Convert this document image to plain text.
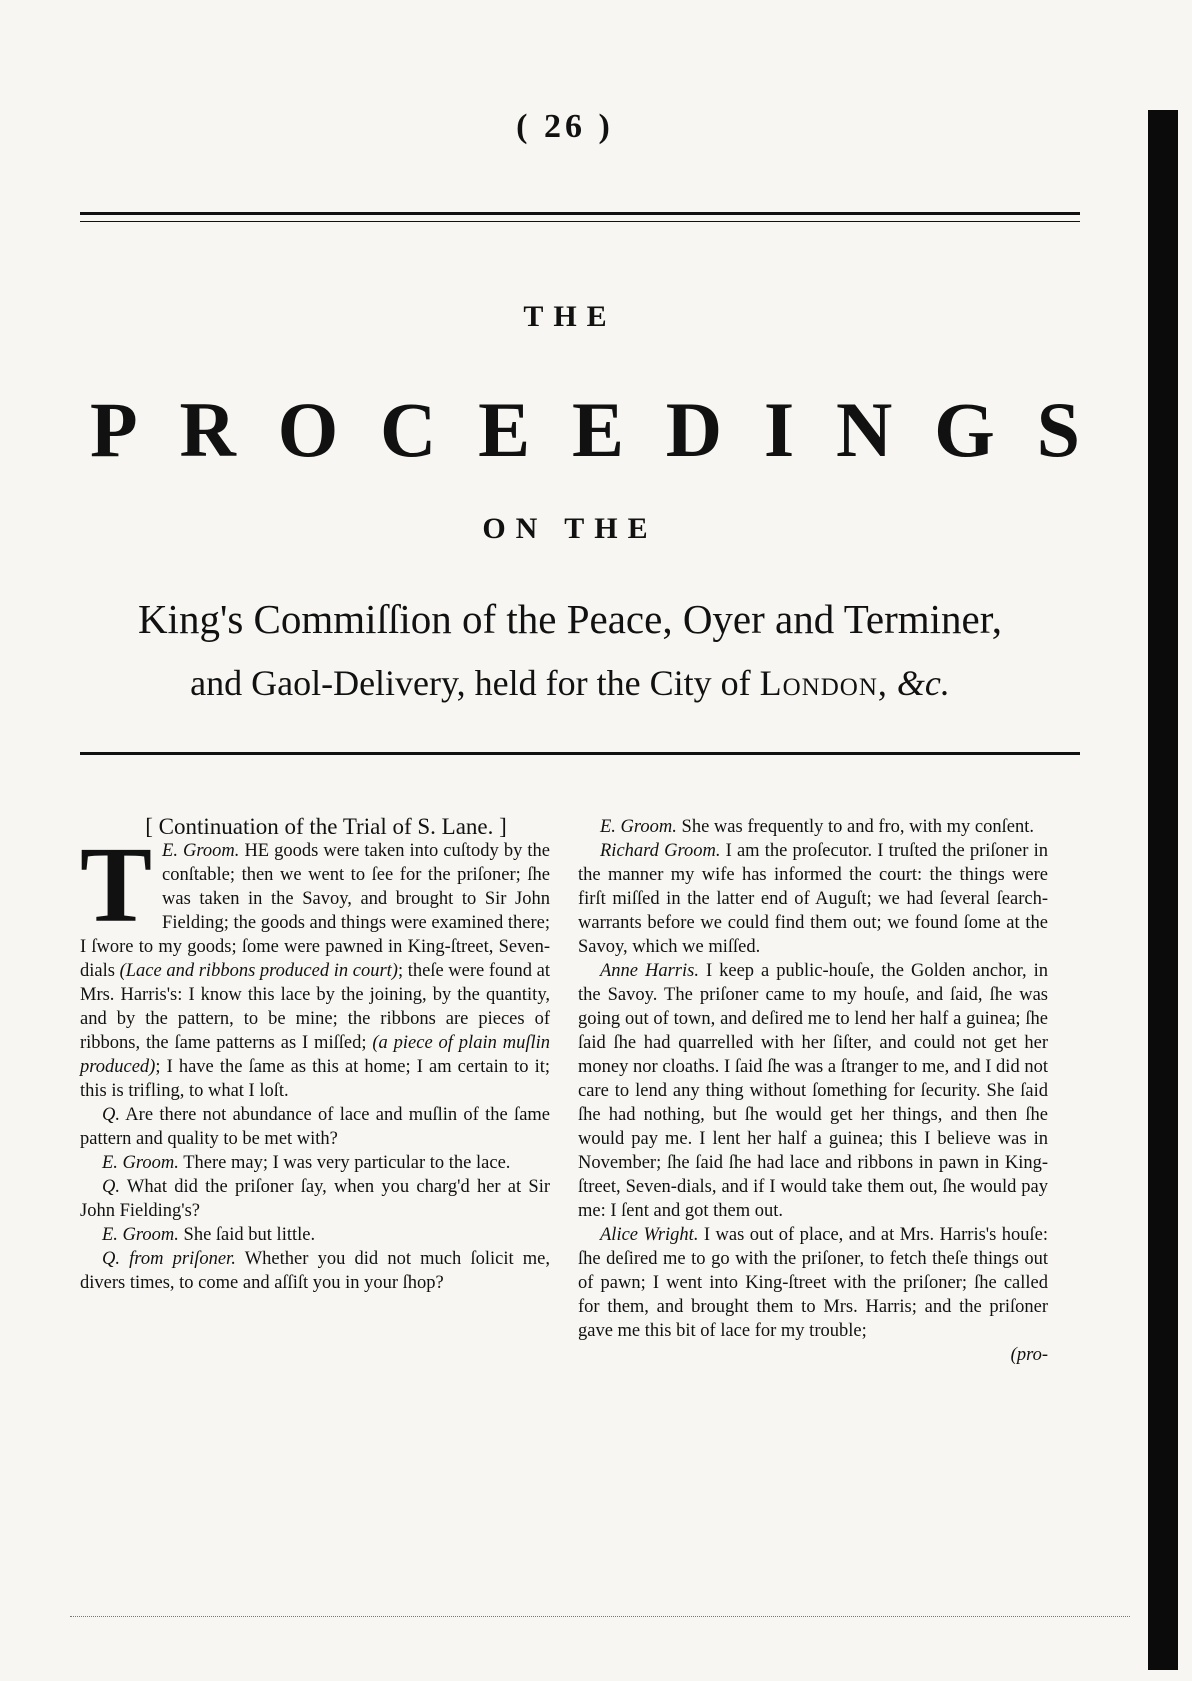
( 26 )
THE
P R O C E E D I N G S
ON THE
King's Commiſſion of the Peace, Oyer and Terminer,
and Gaol-Delivery, held for the City of London, &c.

[ Continuation of the Trial of S. Lane. ]

E. Groom.
T	HE goods were taken into cuſtody by the conſtable; then we went to ſee for the priſoner; ſhe was taken in the Savoy, and brought to Sir John Fielding; the goods and things were examined there; I ſwore to my goods; ſome were pawned in King-ſtreet, Seven-dials (Lace and ribbons produced in court); theſe were found at Mrs. Harris's: I know this lace by the joining, by the quantity, and by the pattern, to be mine; the ribbons are pieces of ribbons, the ſame patterns as I miſſed; (a piece of plain muſlin produced); I have the ſame as this at home; I am certain to it; this is trifling, to what I loſt.

Q. Are there not abundance of lace and muſlin of the ſame pattern and quality to be met with?

E. Groom. There may; I was very particular to the lace.

Q. What did the priſoner ſay, when you charg'd her at Sir John Fielding's?

E. Groom. She ſaid but little.

Q. from priſoner. Whether you did not much ſolicit me, divers times, to come and aſſiſt you in your ſhop?

E. Groom. She was frequently to and fro, with my conſent.

Richard Groom. I am the proſecutor. I truſted the priſoner in the manner my wife has informed the court: the things were firſt miſſed in the latter end of Auguſt; we had ſeveral ſearch-warrants before we could find them out; we found ſome at the Savoy, which we miſſed.

Anne Harris. I keep a public-houſe, the Golden anchor, in the Savoy. The priſoner came to my houſe, and ſaid, ſhe was going out of town, and deſired me to lend her half a guinea; ſhe ſaid ſhe had quarrelled with her ſiſter, and could not get her money nor cloaths. I ſaid ſhe was a ſtranger to me, and I did not care to lend any thing without ſomething for ſecurity. She ſaid ſhe had nothing, but ſhe would get her things, and then ſhe would pay me. I lent her half a guinea; this I believe was in November; ſhe ſaid ſhe had lace and ribbons in pawn in King-ſtreet, Seven-dials, and if I would take them out, ſhe would pay me: I ſent and got them out.

Alice Wright. I was out of place, and at Mrs. Harris's houſe: ſhe deſired me to go with the priſoner, to fetch theſe things out of pawn; I went into King-ſtreet with the priſoner; ſhe called for them, and brought them to Mrs. Harris; and the priſoner gave me this bit of lace for my trouble;

(pro-
